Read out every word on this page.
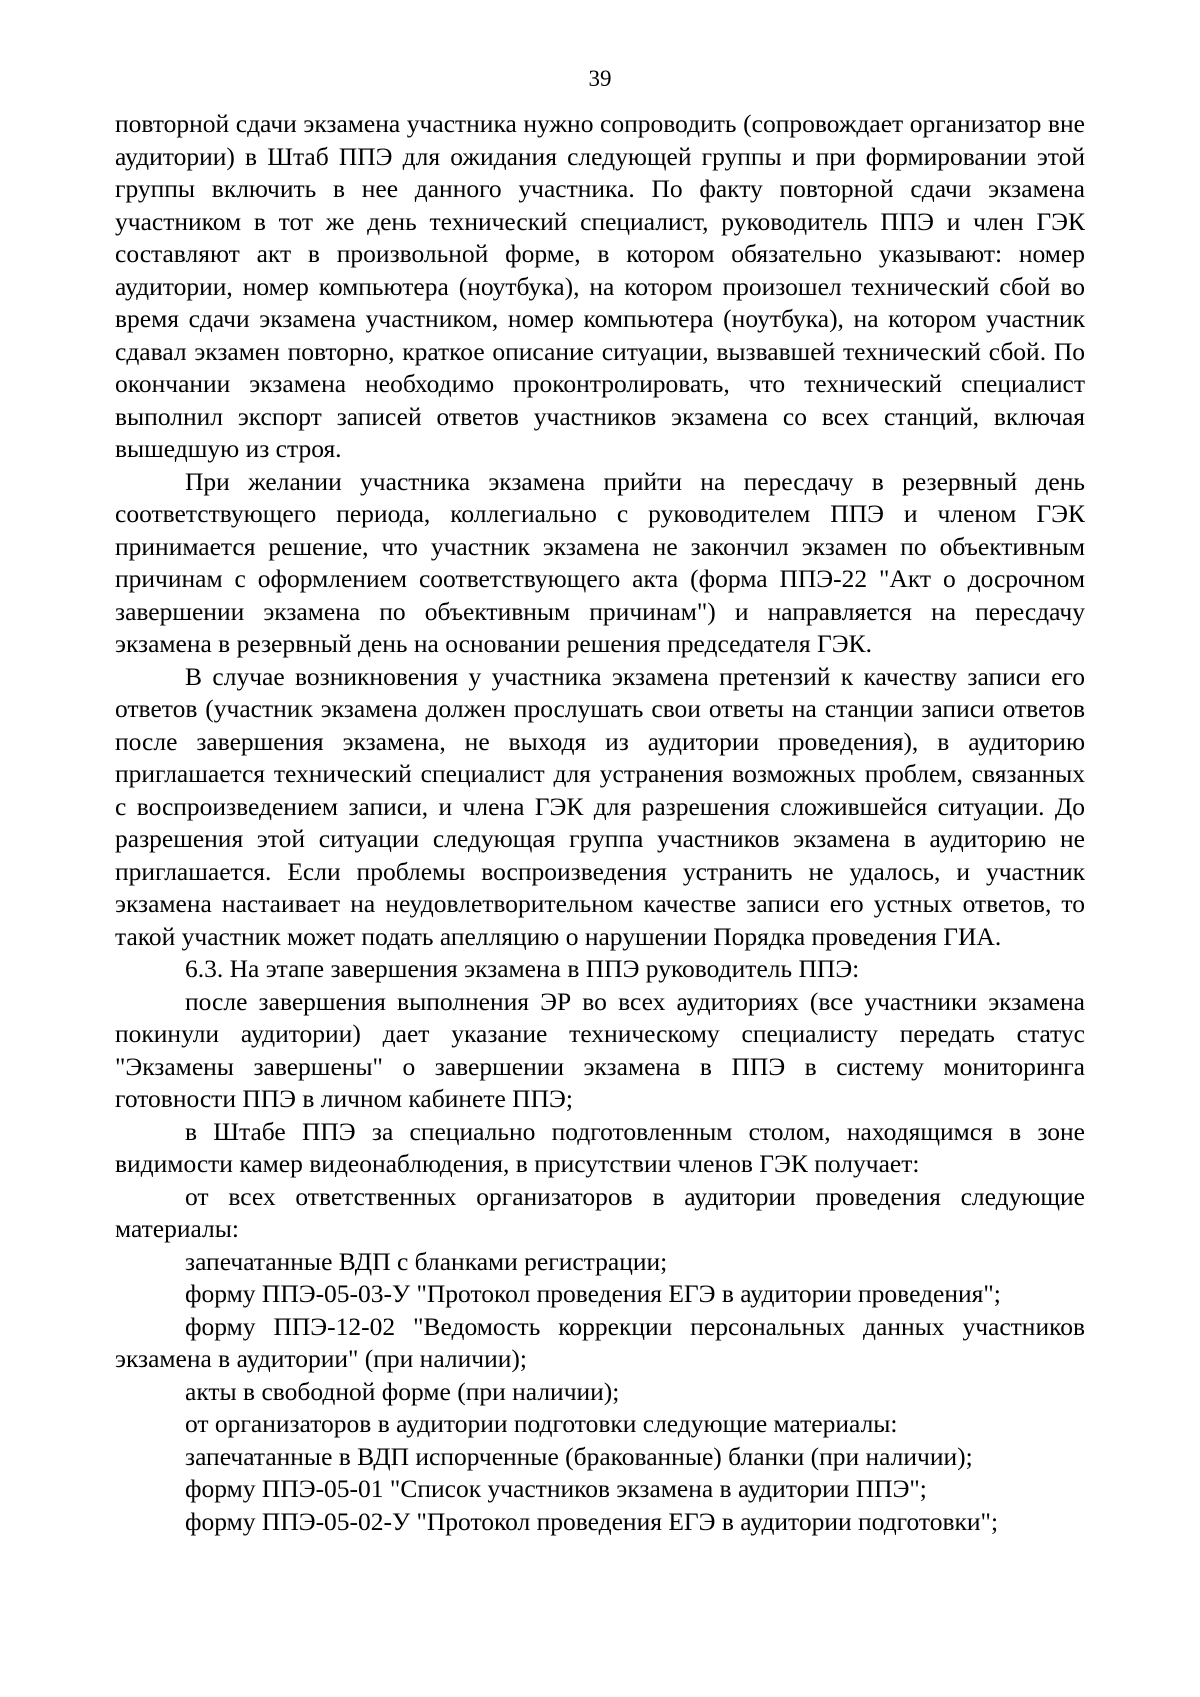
39

повторной сдачи экзамена участника нужно сопроводить (сопровождает организатор вне аудитории) в Штаб ППЭ для ожидания следующей группы и при формировании этой группы включить в нее данного участника. По факту повторной сдачи экзамена участником в тот же день технический специалист, руководитель ППЭ и член ГЭК составляют акт в произвольной форме, в котором обязательно указывают: номер аудитории, номер компьютера (ноутбука), на котором произошел технический сбой во время сдачи экзамена участником, номер компьютера (ноутбука), на котором участник сдавал экзамен повторно, краткое описание ситуации, вызвавшей технический сбой. По окончании экзамена необходимо проконтролировать, что технический специалист выполнил экспорт записей ответов участников экзамена со всех станций, включая вышедшую из строя.

При желании участника экзамена прийти на пересдачу в резервный день соответствующего периода, коллегиально с руководителем ППЭ и членом ГЭК принимается решение, что участник экзамена не закончил экзамен по объективным причинам с оформлением соответствующего акта (форма ППЭ-22 "Акт о досрочном завершении экзамена по объективным причинам") и направляется на пересдачу экзамена в резервный день на основании решения председателя ГЭК.

В случае возникновения у участника экзамена претензий к качеству записи его ответов (участник экзамена должен прослушать свои ответы на станции записи ответов после завершения экзамена, не выходя из аудитории проведения), в аудиторию приглашается технический специалист для устранения возможных проблем, связанных с воспроизведением записи, и члена ГЭК для разрешения сложившейся ситуации. До разрешения этой ситуации следующая группа участников экзамена в аудиторию не приглашается. Если проблемы воспроизведения устранить не удалось, и участник экзамена настаивает на неудовлетворительном качестве записи его устных ответов, то такой участник может подать апелляцию о нарушении Порядка проведения ГИА.

6.3. На этапе завершения экзамена в ППЭ руководитель ППЭ:

после завершения выполнения ЭР во всех аудиториях (все участники экзамена покинули аудитории) дает указание техническому специалисту передать статус "Экзамены завершены" о завершении экзамена в ППЭ в систему мониторинга готовности ППЭ в личном кабинете ППЭ;

в Штабе ППЭ за специально подготовленным столом, находящимся в зоне видимости камер видеонаблюдения, в присутствии членов ГЭК получает:

от всех ответственных организаторов в аудитории проведения следующие материалы:

запечатанные ВДП с бланками регистрации;

форму ППЭ-05-03-У "Протокол проведения ЕГЭ в аудитории проведения";

форму ППЭ-12-02 "Ведомость коррекции персональных данных участников экзамена в аудитории" (при наличии);

акты в свободной форме (при наличии);

от организаторов в аудитории подготовки следующие материалы:

запечатанные в ВДП испорченные (бракованные) бланки (при наличии);

форму ППЭ-05-01 "Список участников экзамена в аудитории ППЭ";

форму ППЭ-05-02-У "Протокол проведения ЕГЭ в аудитории подготовки";
